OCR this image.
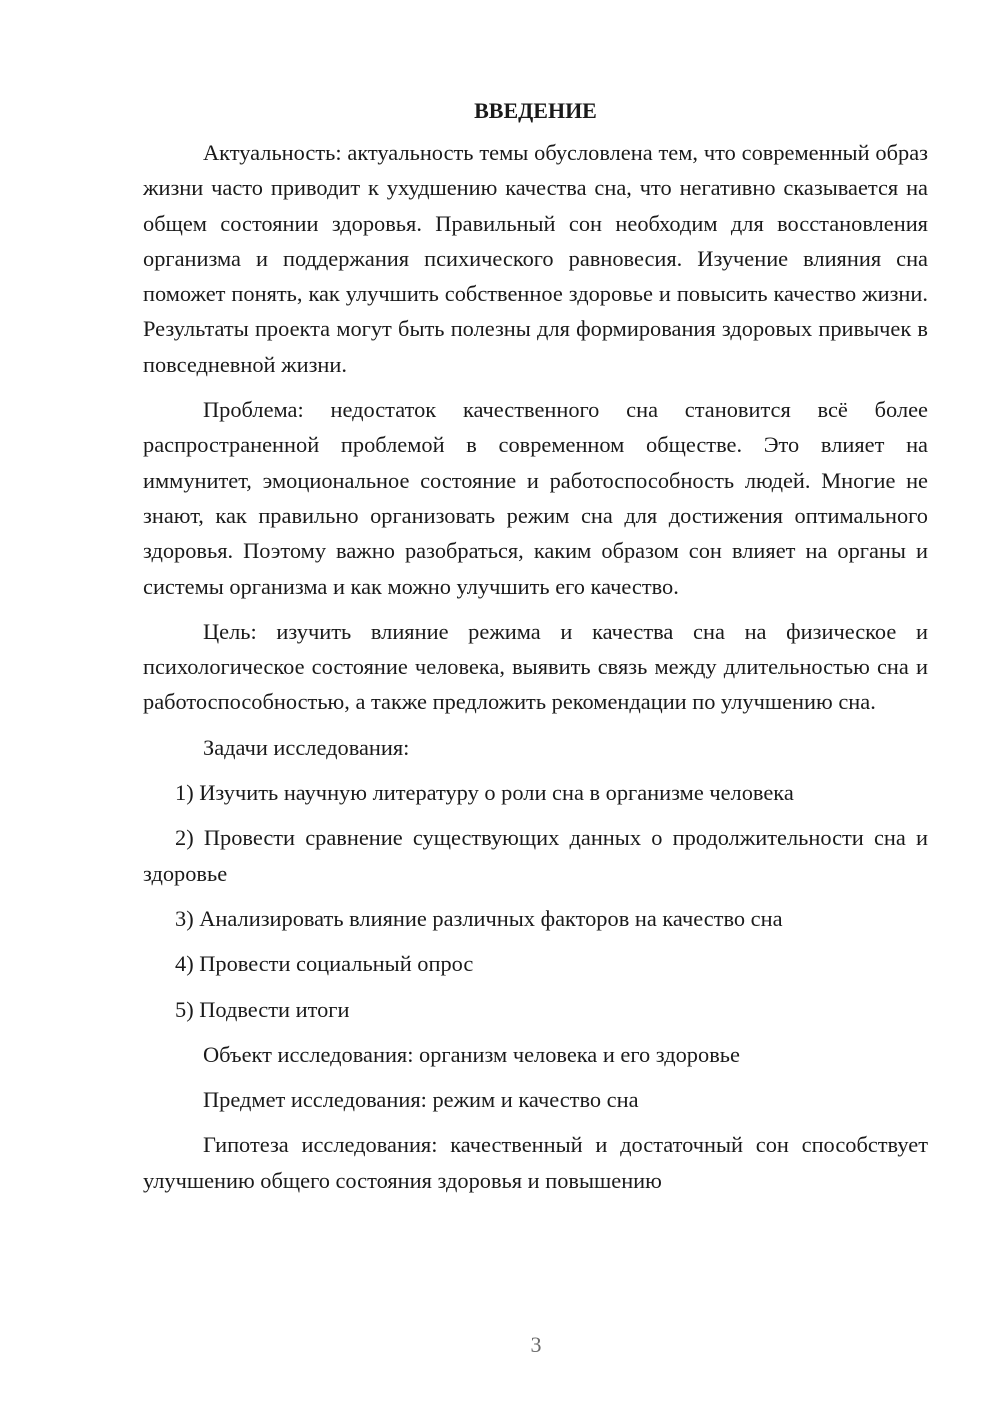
ВВЕДЕНИЕ

Актуальность: актуальность темы обусловлена тем, что современный образ жизни часто приводит к ухудшению качества сна, что негативно сказывается на общем состоянии здоровья. Правильный сон необходим для восстановления организма и поддержания психического равновесия. Изучение влияния сна поможет понять, как улучшить собственное здоровье и повысить качество жизни. Результаты проекта могут быть полезны для формирования здоровых привычек в повседневной жизни.

Проблема: недостаток качественного сна становится всё более распространенной проблемой в современном обществе. Это влияет на иммунитет, эмоциональное состояние и работоспособность людей. Многие не знают, как правильно организовать режим сна для достижения оптимального здоровья. Поэтому важно разобраться, каким образом сон влияет на органы и системы организма и как можно улучшить его качество.

Цель: изучить влияние режима и качества сна на физическое и психологическое состояние человека, выявить связь между длительностью сна и работоспособностью, а также предложить рекомендации по улучшению сна.

Задачи исследования:

1) Изучить научную литературу о роли сна в организме человека

2) Провести сравнение существующих данных о продолжительности сна и здоровье

3) Анализировать влияние различных факторов на качество сна

4) Провести социальный опрос

5) Подвести итоги

Объект исследования: организм человека и его здоровье

Предмет исследования: режим и качество сна

Гипотеза исследования: качественный и достаточный сон способствует улучшению общего состояния здоровья и повышению

3
